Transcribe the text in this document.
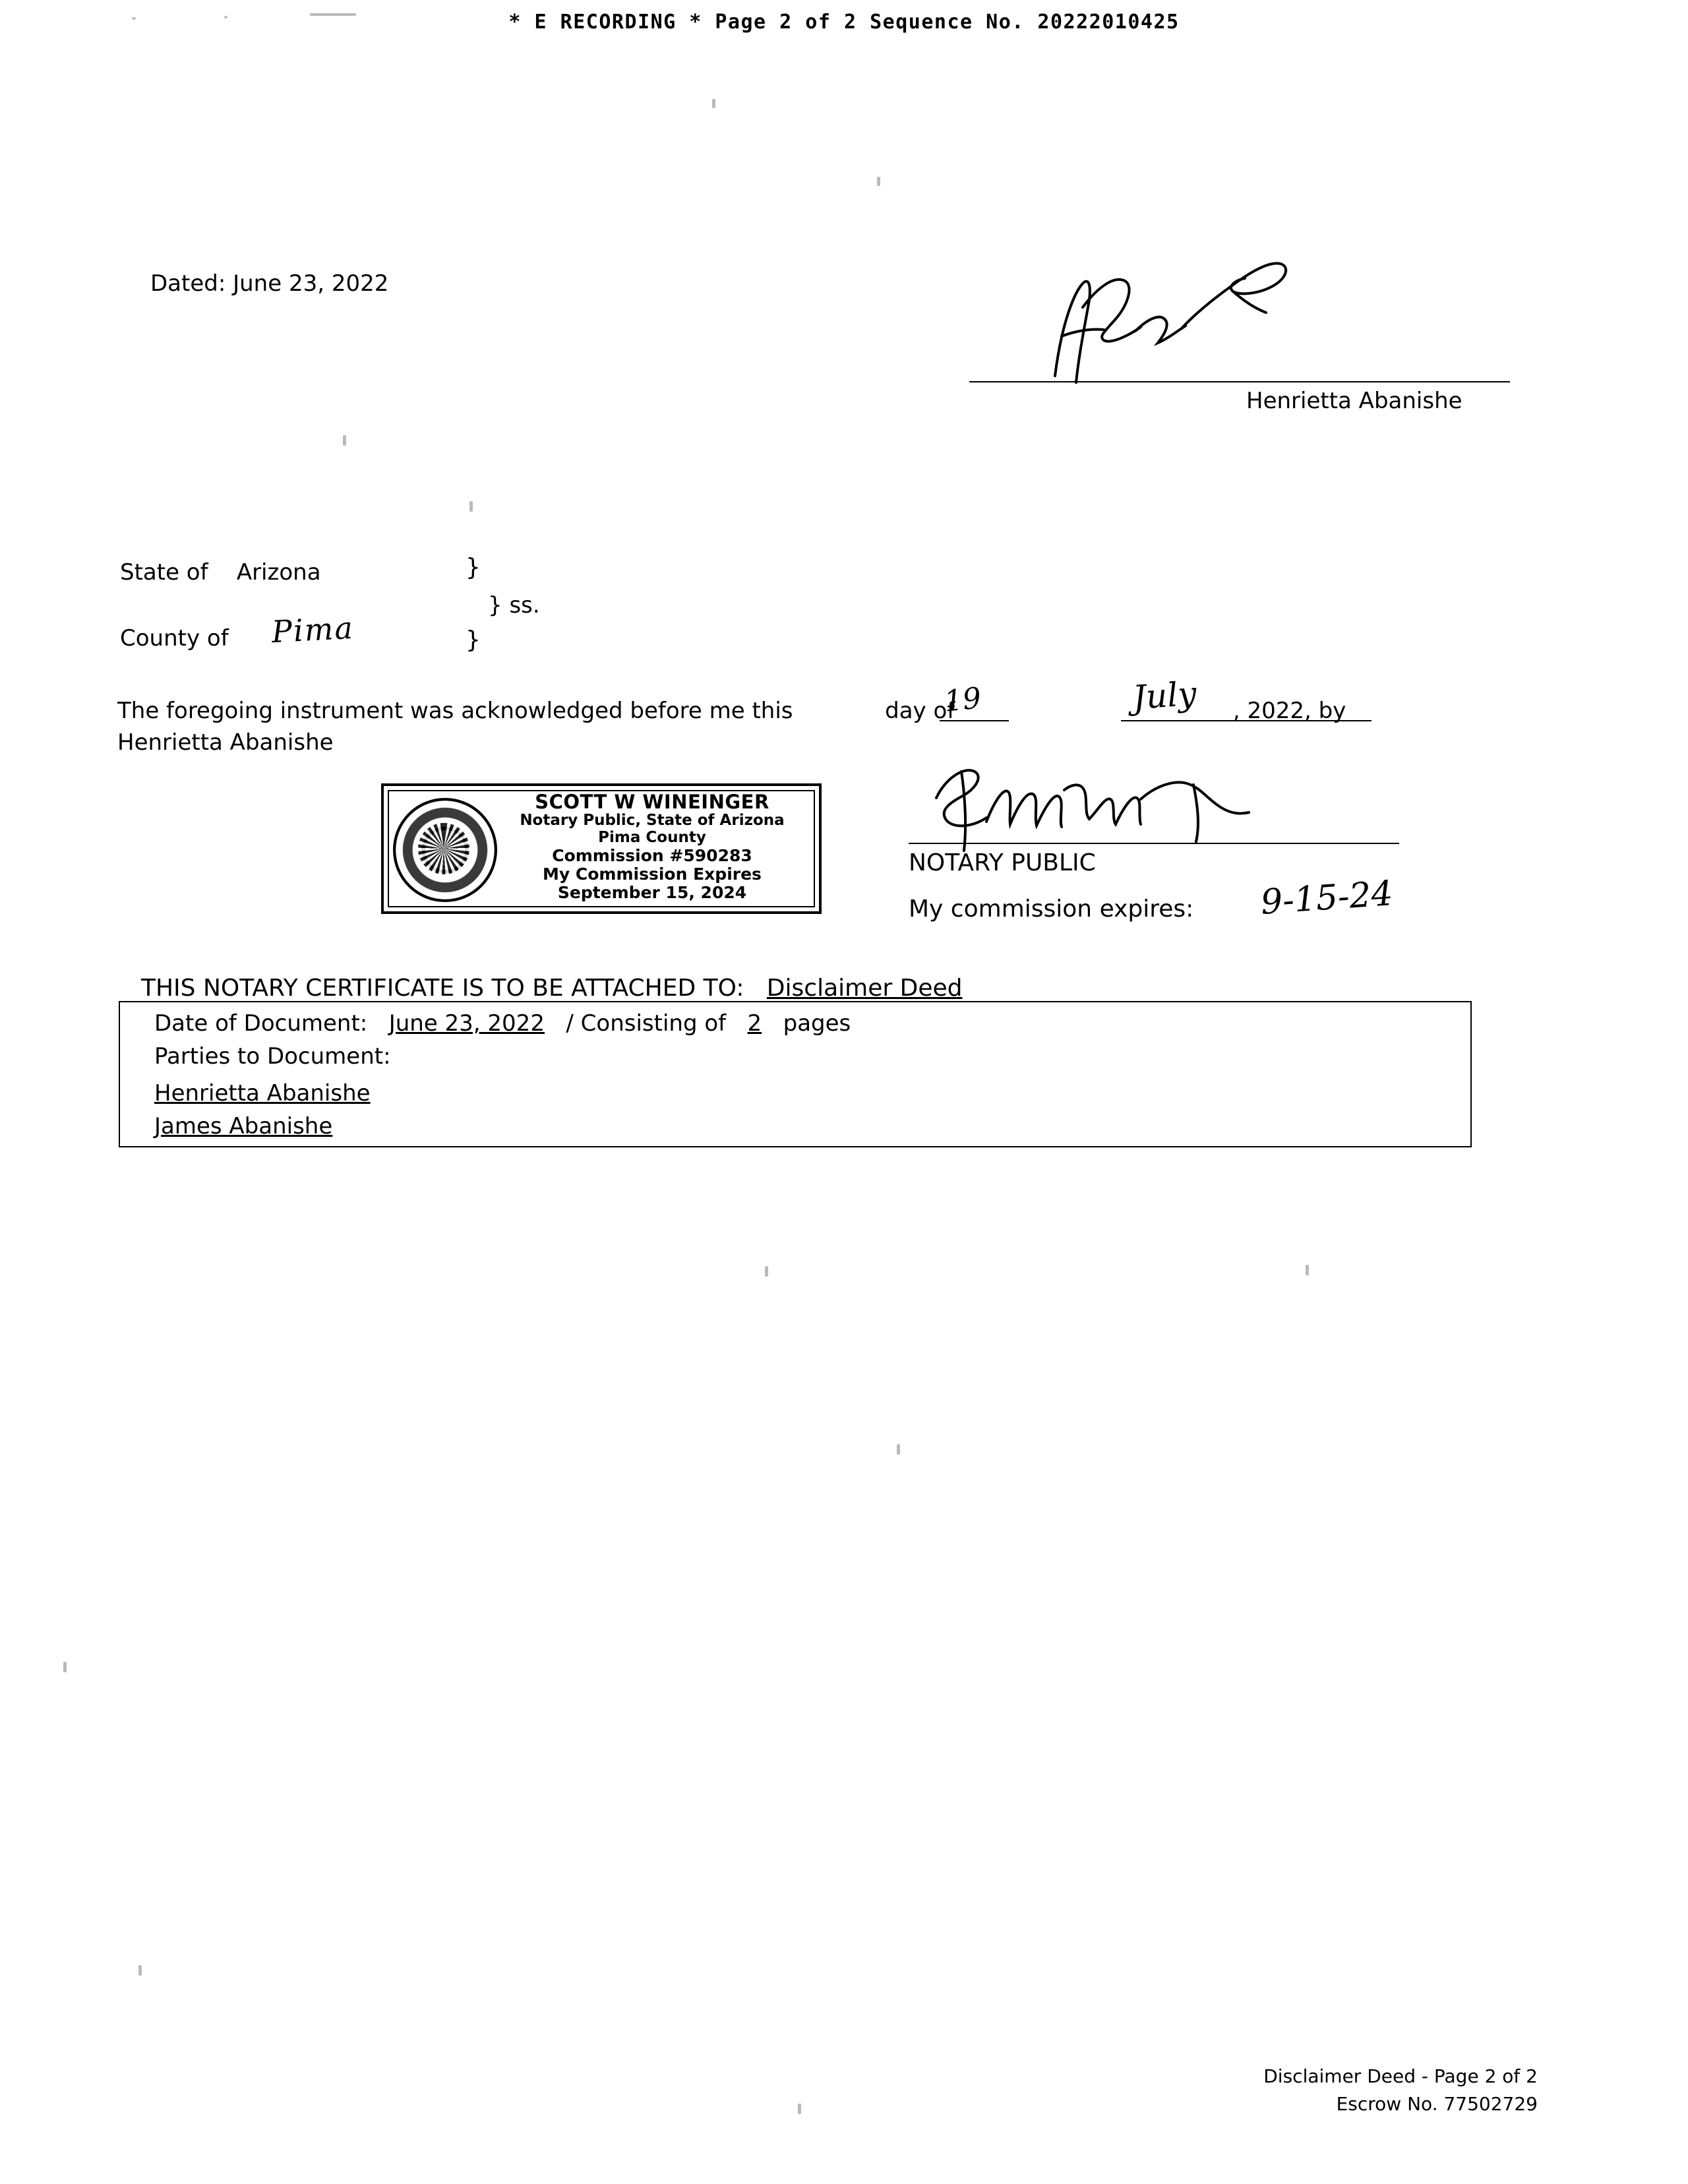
* E RECORDING * Page 2 of 2 Sequence No. 20222010425
Dated: June 23, 2022
Henrietta Abanishe
State of Arizona
County of Pima
}
} ss.
}
The foregoing instrument was acknowledged before me this	day of	, 2022, by
19	July
Henrietta Abanishe
SCOTT W WINEINGER
Notary Public, State of Arizona
Pima County
Commission #590283
My Commission Expires
September 15, 2024
NOTARY PUBLIC
My commission expires: 9-15-24
THIS NOTARY CERTIFICATE IS TO BE ATTACHED TO: Disclaimer Deed
Date of Document: June 23, 2022 / Consisting of 2 pages
Parties to Document:
Henrietta Abanishe
James Abanishe
Disclaimer Deed - Page 2 of 2
Escrow No. 77502729
